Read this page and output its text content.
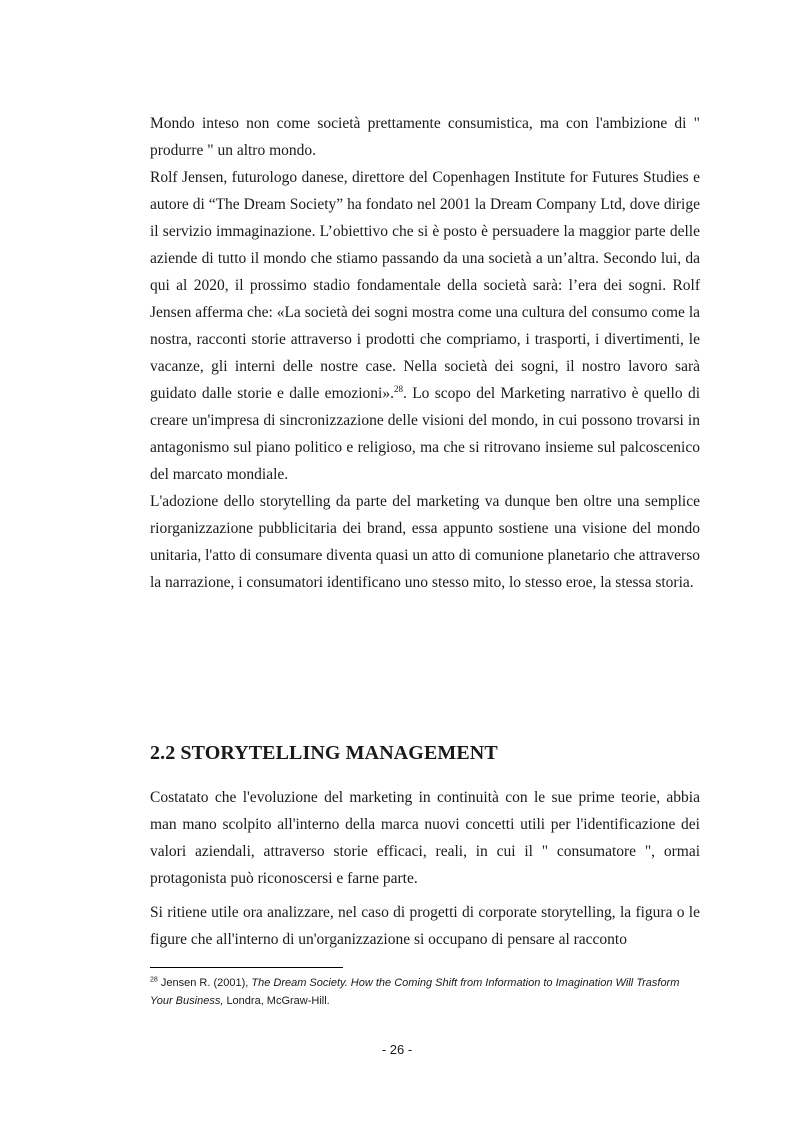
Mondo inteso non come società prettamente consumistica, ma con l'ambizione di " produrre " un altro mondo.

Rolf Jensen, futurologo danese, direttore del Copenhagen Institute for Futures Studies e autore di “The Dream Society” ha fondato nel 2001 la Dream Company Ltd, dove dirige il servizio immaginazione. L’obiettivo che si è posto è persuadere la maggior parte delle aziende di tutto il mondo che stiamo passando da una società a un’altra. Secondo lui, da qui al 2020, il prossimo stadio fondamentale della società sarà: l’era dei sogni. Rolf Jensen afferma che: «La società dei sogni mostra come una cultura del consumo come la nostra, racconti storie attraverso i prodotti che compriamo, i trasporti, i divertimenti, le vacanze, gli interni delle nostre case. Nella società dei sogni, il nostro lavoro sarà guidato dalle storie e dalle emozioni».$^{28}$. Lo scopo del Marketing narrativo è quello di creare un'impresa di sincronizzazione delle visioni del mondo, in cui possono trovarsi in antagonismo sul piano politico e religioso, ma che si ritrovano insieme sul palcoscenico del marcato mondiale.

L'adozione dello storytelling da parte del marketing va dunque ben oltre una semplice riorganizzazione pubblicitaria dei brand, essa appunto sostiene una visione del mondo unitaria, l'atto di consumare diventa quasi un atto di comunione planetario che attraverso la narrazione, i consumatori identificano uno stesso mito, lo stesso eroe, la stessa storia.

2.2 STORYTELLING MANAGEMENT

Costatato che l'evoluzione del marketing in continuità con le sue prime teorie, abbia man mano scolpito all'interno della marca nuovi concetti utili per l'identificazione dei valori aziendali, attraverso storie efficaci, reali, in cui il " consumatore ", ormai protagonista può riconoscersi e farne parte.

Si ritiene utile ora analizzare, nel caso di progetti di corporate storytelling, la figura o le figure che all'interno di un'organizzazione si occupano di pensare al racconto

$^{28}$ Jensen R. (2001), The Dream Society. How the Coming Shift from Information to Imagination Will Trasform Your Business, Londra, McGraw-Hill.

- 26 -
